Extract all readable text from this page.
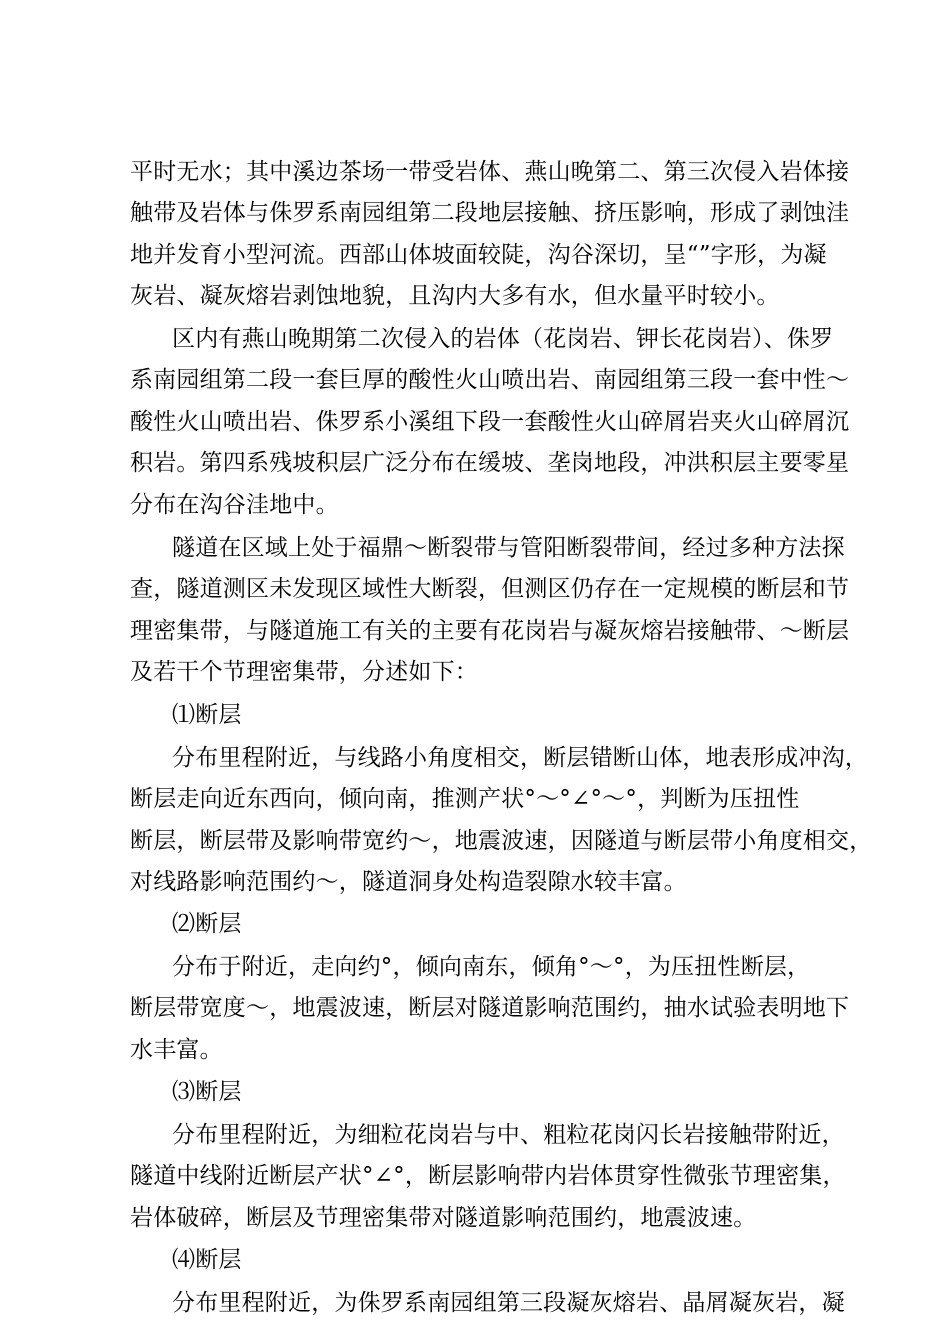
平时无水；其中溪边茶场一带受岩体、燕山晚第二、第三次侵入岩体接
触带及岩体与侏罗系南园组第二段地层接触、挤压影响，形成了剥蚀洼
地并发育小型河流。西部山体坡面较陡，沟谷深切，呈“”字形，为凝
灰岩、凝灰熔岩剥蚀地貌，且沟内大多有水，但水量平时较小。
区内有燕山晚期第二次侵入的岩体（花岗岩、钾长花岗岩）、侏罗
系南园组第二段一套巨厚的酸性火山喷出岩、南园组第三段一套中性～
酸性火山喷出岩、侏罗系小溪组下段一套酸性火山碎屑岩夹火山碎屑沉
积岩。第四系残坡积层广泛分布在缓坡、垄岗地段，冲洪积层主要零星
分布在沟谷洼地中。
隧道在区域上处于福鼎～断裂带与管阳断裂带间，经过多种方法探
查，隧道测区未发现区域性大断裂，但测区仍存在一定规模的断层和节
理密集带，与隧道施工有关的主要有花岗岩与凝灰熔岩接触带、～断层
及若干个节理密集带，分述如下：
⑴断层
分布里程附近，与线路小角度相交，断层错断山体，地表形成冲沟，
断层走向近东西向，倾向南，推测产状°～°∠°～°，判断为压扭性
断层，断层带及影响带宽约～，地震波速，因隧道与断层带小角度相交，
对线路影响范围约～，隧道洞身处构造裂隙水较丰富。
⑵断层
分布于附近，走向约°，倾向南东，倾角°～°，为压扭性断层，
断层带宽度～，地震波速，断层对隧道影响范围约，抽水试验表明地下
水丰富。
⑶断层
分布里程附近，为细粒花岗岩与中、粗粒花岗闪长岩接触带附近，
隧道中线附近断层产状°∠°，断层影响带内岩体贯穿性微张节理密集，
岩体破碎，断层及节理密集带对隧道影响范围约，地震波速。
⑷断层
分布里程附近，为侏罗系南园组第三段凝灰熔岩、晶屑凝灰岩，凝
